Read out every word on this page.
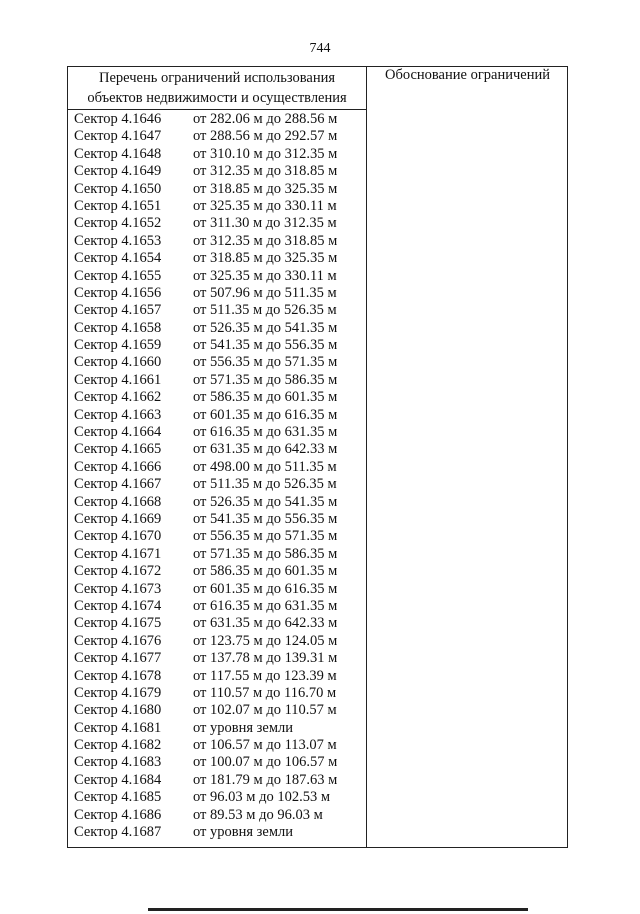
744
Перечень ограничений использования
объектов недвижимости и осуществления
Обоснование ограничений
Сектор 4.1646 от 282.06 м до 288.56 м
Сектор 4.1647 от 288.56 м до 292.57 м
Сектор 4.1648 от 310.10 м до 312.35 м
Сектор 4.1649 от 312.35 м до 318.85 м
Сектор 4.1650 от 318.85 м до 325.35 м
Сектор 4.1651 от 325.35 м до 330.11 м
Сектор 4.1652 от 311.30 м до 312.35 м
Сектор 4.1653 от 312.35 м до 318.85 м
Сектор 4.1654 от 318.85 м до 325.35 м
Сектор 4.1655 от 325.35 м до 330.11 м
Сектор 4.1656 от 507.96 м до 511.35 м
Сектор 4.1657 от 511.35 м до 526.35 м
Сектор 4.1658 от 526.35 м до 541.35 м
Сектор 4.1659 от 541.35 м до 556.35 м
Сектор 4.1660 от 556.35 м до 571.35 м
Сектор 4.1661 от 571.35 м до 586.35 м
Сектор 4.1662 от 586.35 м до 601.35 м
Сектор 4.1663 от 601.35 м до 616.35 м
Сектор 4.1664 от 616.35 м до 631.35 м
Сектор 4.1665 от 631.35 м до 642.33 м
Сектор 4.1666 от 498.00 м до 511.35 м
Сектор 4.1667 от 511.35 м до 526.35 м
Сектор 4.1668 от 526.35 м до 541.35 м
Сектор 4.1669 от 541.35 м до 556.35 м
Сектор 4.1670 от 556.35 м до 571.35 м
Сектор 4.1671 от 571.35 м до 586.35 м
Сектор 4.1672 от 586.35 м до 601.35 м
Сектор 4.1673 от 601.35 м до 616.35 м
Сектор 4.1674 от 616.35 м до 631.35 м
Сектор 4.1675 от 631.35 м до 642.33 м
Сектор 4.1676 от 123.75 м до 124.05 м
Сектор 4.1677 от 137.78 м до 139.31 м
Сектор 4.1678 от 117.55 м до 123.39 м
Сектор 4.1679 от 110.57 м до 116.70 м
Сектор 4.1680 от 102.07 м до 110.57 м
Сектор 4.1681 от уровня земли
Сектор 4.1682 от 106.57 м до 113.07 м
Сектор 4.1683 от 100.07 м до 106.57 м
Сектор 4.1684 от 181.79 м до 187.63 м
Сектор 4.1685 от 96.03 м до 102.53 м
Сектор 4.1686 от 89.53 м до 96.03 м
Сектор 4.1687 от уровня земли
